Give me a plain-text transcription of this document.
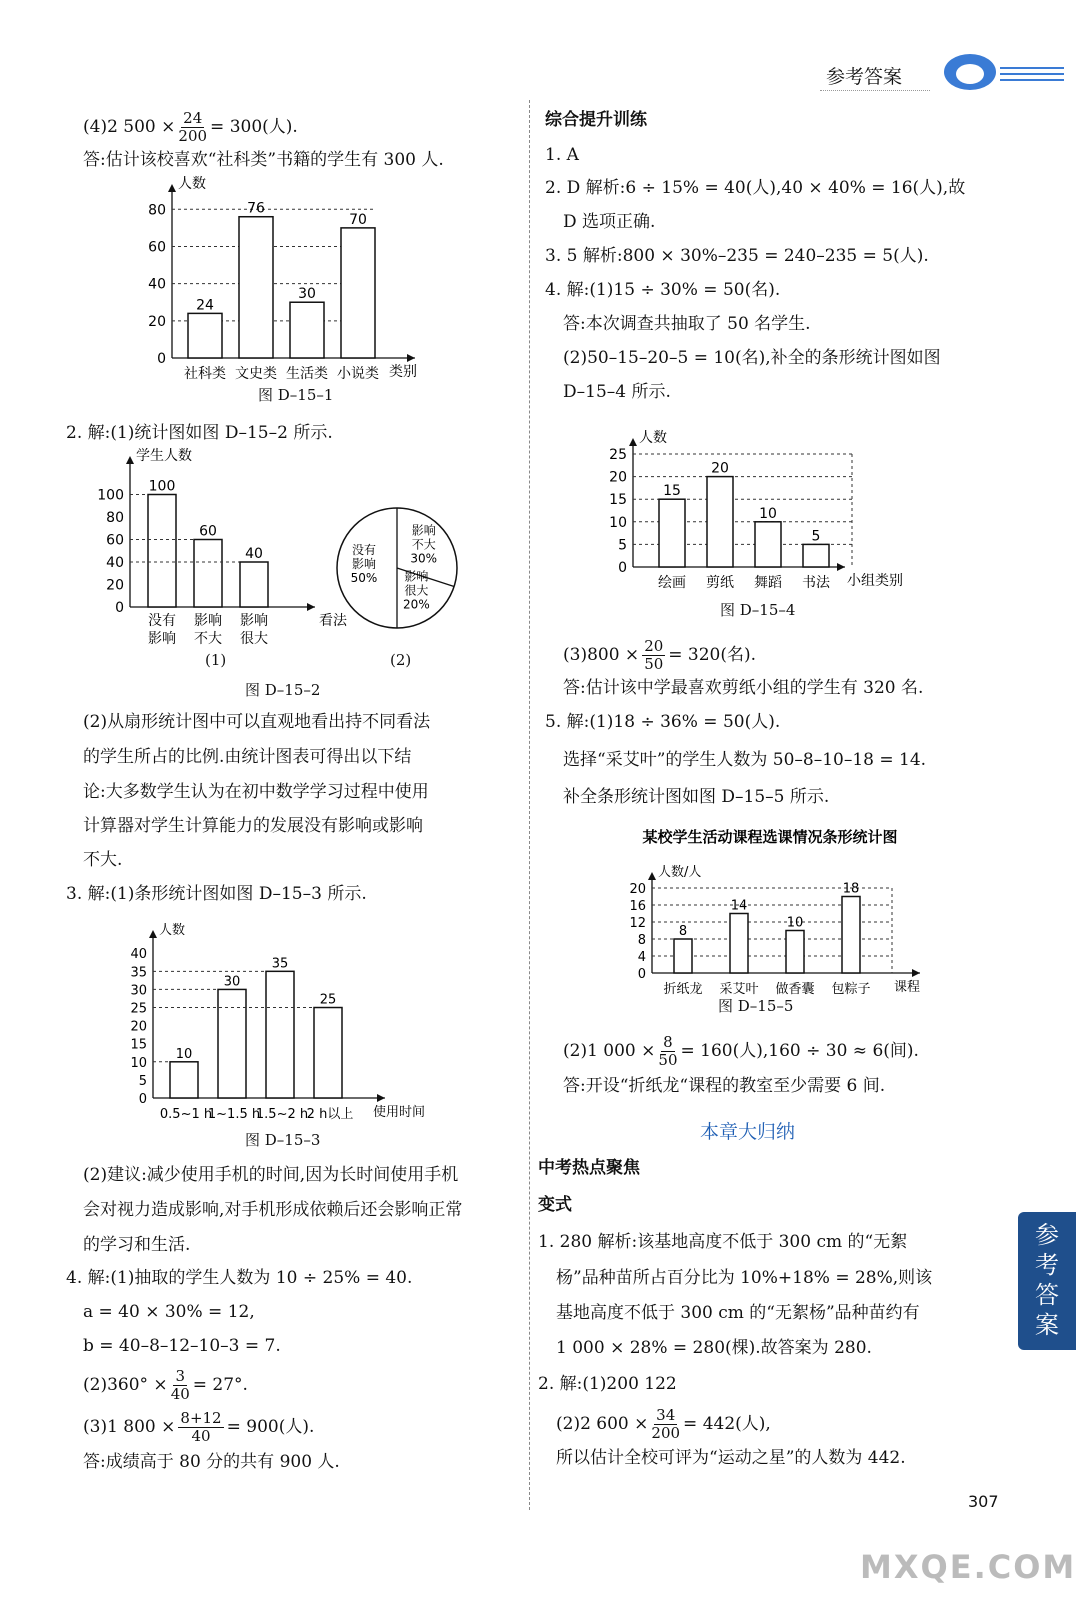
参考答案
(4)2 $500 \times \frac{24}{200} = 300$(人).
答:估计该校喜欢“社科类”书籍的学生有 300 人.
人数
类别
0
20
40
60
80
24
社科类
76
文史类
30
生活类
70
小说类
图 D–15–1
2. 解:(1)统计图如图 D–15–2 所示.
学生人数
看法
0
20
40
60
80
100
100
没有
影响
60
影响
不大
40
影响
很大
没有
影响
50%
影响
不大
30%
影响
很大
20%
(1)	(2)
图 D–15–2
(2)从扇形统计图中可以直观地看出持不同看法
的学生所占的比例.由统计图表可得出以下结
论:大多数学生认为在初中数学学习过程中使用
计算器对学生计算能力的发展没有影响或影响
不大.
3. 解:(1)条形统计图如图 D–15–3 所示.
人数
使用时间
0
5
10
15
20
25
30
35
40
10
0.5~1 h
30
1~1.5 h
35
1.5~2 h
25
2 h以上
图 D–15–3
(2)建议:减少使用手机的时间,因为长时间使用手机
会对视力造成影响,对手机形成依赖后还会影响正常
的学习和生活.
4. 解:(1)抽取的学生人数为 10 ÷ 25% = 40.
a = 40 × 30% = 12,
b = 40–8–12–10–3 = 7.
$(2)360^\circ \times \frac{3}{40} = 27^\circ$.
(3)1 $800 \times \frac{8+12}{40} = 900$(人).
答:成绩高于 80 分的共有 900 人.
综合提升训练
1. A
2. D 解析:6 ÷ 15% = 40(人),40 × 40% = 16(人),故
D 选项正确.
3. 5 解析:800 × 30%–235 = 240–235 = 5(人).
4. 解:(1)15 ÷ 30% = 50(名).
答:本次调查共抽取了 50 名学生.
(2)50–15–20–5 = 10(名),补全的条形统计图如图
D–15–4 所示.
人数
小组类别
0
5
10
15
20
25
15
绘画
20
剪纸
10
舞蹈
5
书法
图 D–15–4
$(3)800 \times \frac{20}{50} = 320$(名).
答:估计该中学最喜欢剪纸小组的学生有 320 名.
5. 解:(1)18 ÷ 36% = 50(人).
选择“采艾叶”的学生人数为 50–8–10–18 = 14.
补全条形统计图如图 D–15–5 所示.
某校学生活动课程选课情况条形统计图
人数/人
课程
0
4
8
12
16
20
8
折纸龙
14
采艾叶
10
做香囊
18
包粽子
图 D–15–5
(2)1 $000 \times \frac{8}{50} = 160$(人),160 ÷ 30 ≈ 6(间).
答:开设“折纸龙“课程的教室至少需要 6 间.
本章大归纳
中考热点聚焦
变式
1. 280 解析:该基地高度不低于 300 cm 的“无絮
杨”品种苗所占百分比为 10%+18% = 28%,则该
基地高度不低于 300 cm 的“无絮杨”品种苗约有
1 000 × 28% = 280(棵).故答案为 280.
2. 解:(1)200 122
(2)2 $600 \times \frac{34}{200} = 442$(人),
所以估计全校可评为“运动之星”的人数为 442.
参
考
答
案
307
MXQE.COM
